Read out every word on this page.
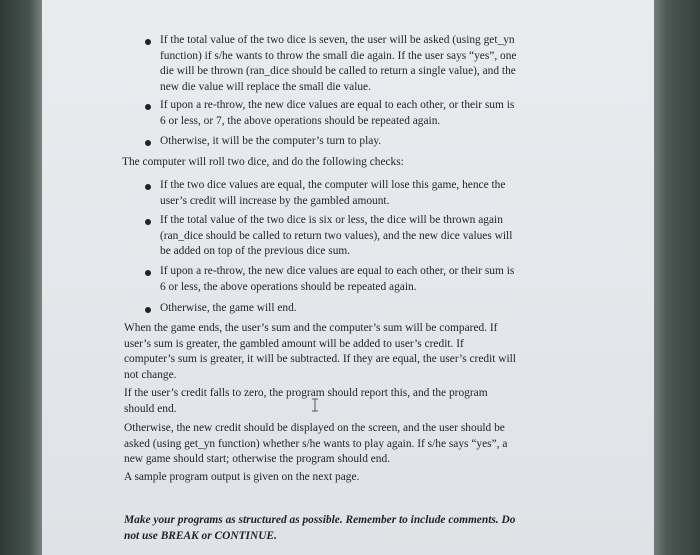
If the total value of the two dice is seven, the user will be asked (using get_yn
function) if s/he wants to throw the small die again. If the user says “yes”, one
die will be thrown (ran_dice should be called to return a single value), and the
new die value will replace the small die value.
If upon a re-throw, the new dice values are equal to each other, or their sum is
6 or less, or 7, the above operations should be repeated again.
Otherwise, it will be the computer’s turn to play.
The computer will roll two dice, and do the following checks:
If the two dice values are equal, the computer will lose this game, hence the
user’s credit will increase by the gambled amount.
If the total value of the two dice is six or less, the dice will be thrown again
(ran_dice should be called to return two values), and the new dice values will
be added on top of the previous dice sum.
If upon a re-throw, the new dice values are equal to each other, or their sum is
6 or less, the above operations should be repeated again.
Otherwise, the game will end.
When the game ends, the user’s sum and the computer’s sum will be compared. If
user’s sum is greater, the gambled amount will be added to user’s credit. If
computer’s sum is greater, it will be subtracted. If they are equal, the user’s credit will
not change.
If the user’s credit falls to zero, the program should report this, and the program
should end.
Otherwise, the new credit should be displayed on the screen, and the user should be
asked (using get_yn function) whether s/he wants to play again. If s/he says “yes”, a
new game should start; otherwise the program should end.
A sample program output is given on the next page.
Make your programs as structured as possible. Remember to include comments. Do
not use BREAK or CONTINUE.
